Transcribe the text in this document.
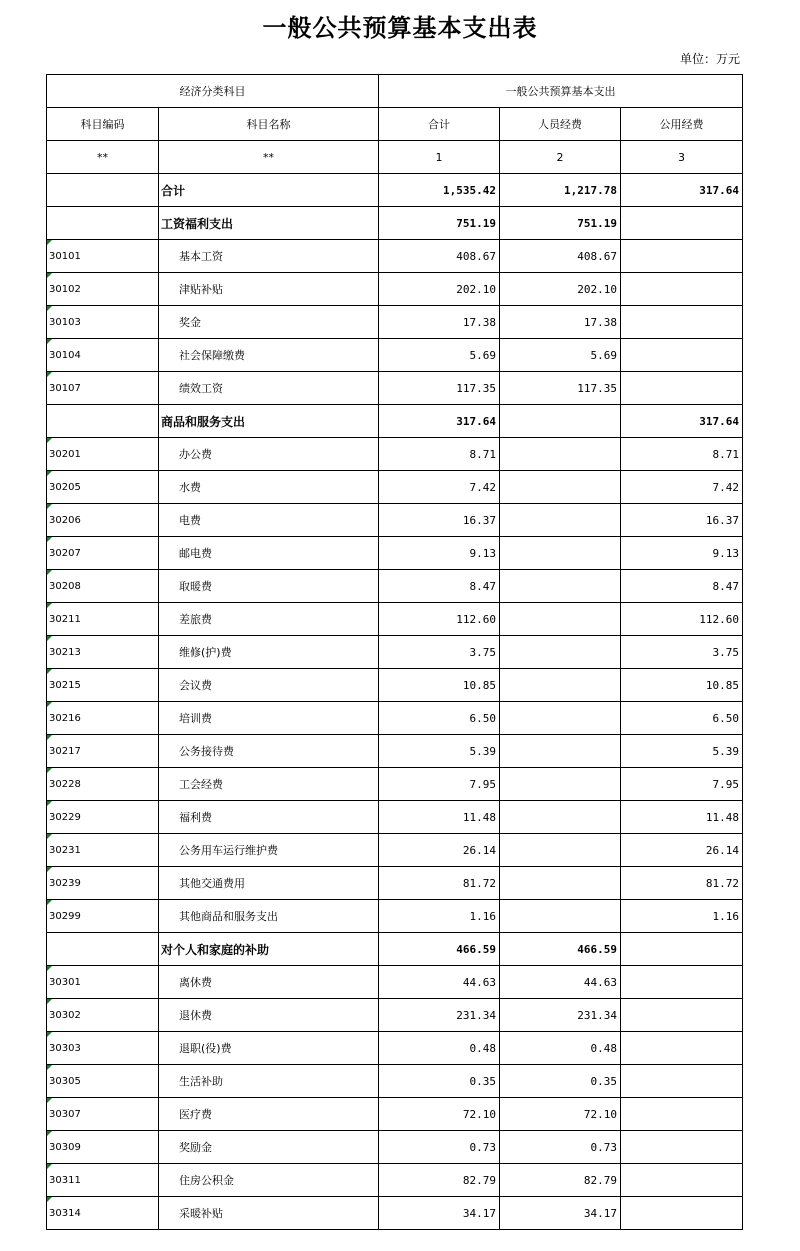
一般公共预算基本支出表
单位：万元
经济分类科目		一般公共预算基本支出		
科目编码	科目名称	合计	人员经费	公用经费
**	**	1	2	3
	合计	1,535.42	1,217.78	317.64
	工资福利支出	751.19	751.19	

30101	基本工资	408.67	408.67	

30102	津贴补贴	202.10	202.10	

30103	奖金	17.38	17.38	

30104	社会保障缴费	5.69	5.69	

30107	绩效工资	117.35	117.35	
	商品和服务支出	317.64		317.64

30201	办公费	8.71		8.71

30205	水费	7.42		7.42

30206	电费	16.37		16.37

30207	邮电费	9.13		9.13

30208	取暖费	8.47		8.47

30211	差旅费	112.60		112.60

30213	维修(护)费	3.75		3.75

30215	会议费	10.85		10.85

30216	培训费	6.50		6.50

30217	公务接待费	5.39		5.39

30228	工会经费	7.95		7.95

30229	福利费	11.48		11.48

30231	公务用车运行维护费	26.14		26.14

30239	其他交通费用	81.72		81.72

30299	其他商品和服务支出	1.16		1.16
	对个人和家庭的补助	466.59	466.59	

30301	离休费	44.63	44.63	

30302	退休费	231.34	231.34	

30303	退职(役)费	0.48	0.48	

30305	生活补助	0.35	0.35	

30307	医疗费	72.10	72.10	

30309	奖励金	0.73	0.73	

30311	住房公积金	82.79	82.79	

30314	采暖补贴	34.17	34.17	
